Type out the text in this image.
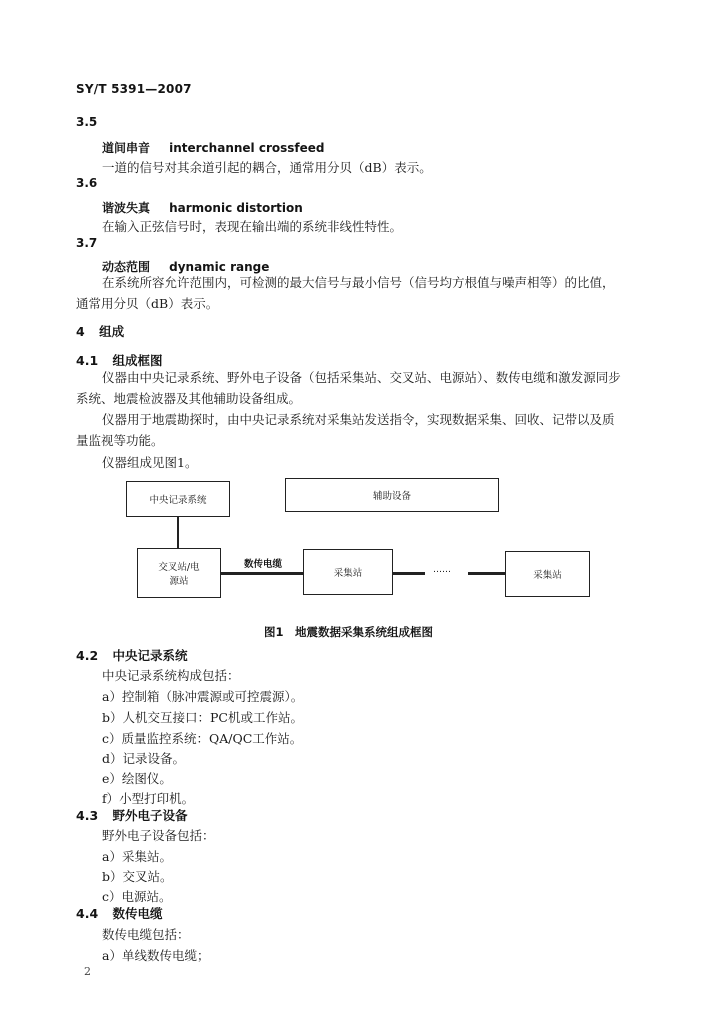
SY/T 5391—2007
3.5
道间串音 interchannel crossfeed
一道的信号对其余道引起的耦合，通常用分贝（dB）表示。
3.6
谐波失真 harmonic distortion
在输入正弦信号时，表现在输出端的系统非线性特性。
3.7
动态范围 dynamic range
在系统所容允许范围内，可检测的最大信号与最小信号（信号均方根值与噪声相等）的比值，通常用分贝（dB）表示。
4 组成
4.1 组成框图
仪器由中央记录系统、野外电子设备（包括采集站、交叉站、电源站）、数传电缆和激发源同步系统、地震检波器及其他辅助设备组成。
仪器用于地震勘探时，由中央记录系统对采集站发送指令，实现数据采集、回收、记带以及质量监视等功能。
仪器组成见图1。
中央记录系统	辅助设备
交叉站/电
源站
数传电缆
采集站	……	采集站
图1　地震数据采集系统组成框图
4.2 中央记录系统
中央记录系统构成包括：
a）控制箱（脉冲震源或可控震源）。
b）人机交互接口：PC机或工作站。
c）质量监控系统：QA/QC工作站。
d）记录设备。
e）绘图仪。
f）小型打印机。
4.3 野外电子设备
野外电子设备包括：
a）采集站。
b）交叉站。
c）电源站。
4.4 数传电缆
数传电缆包括：
a）单线数传电缆；
2
